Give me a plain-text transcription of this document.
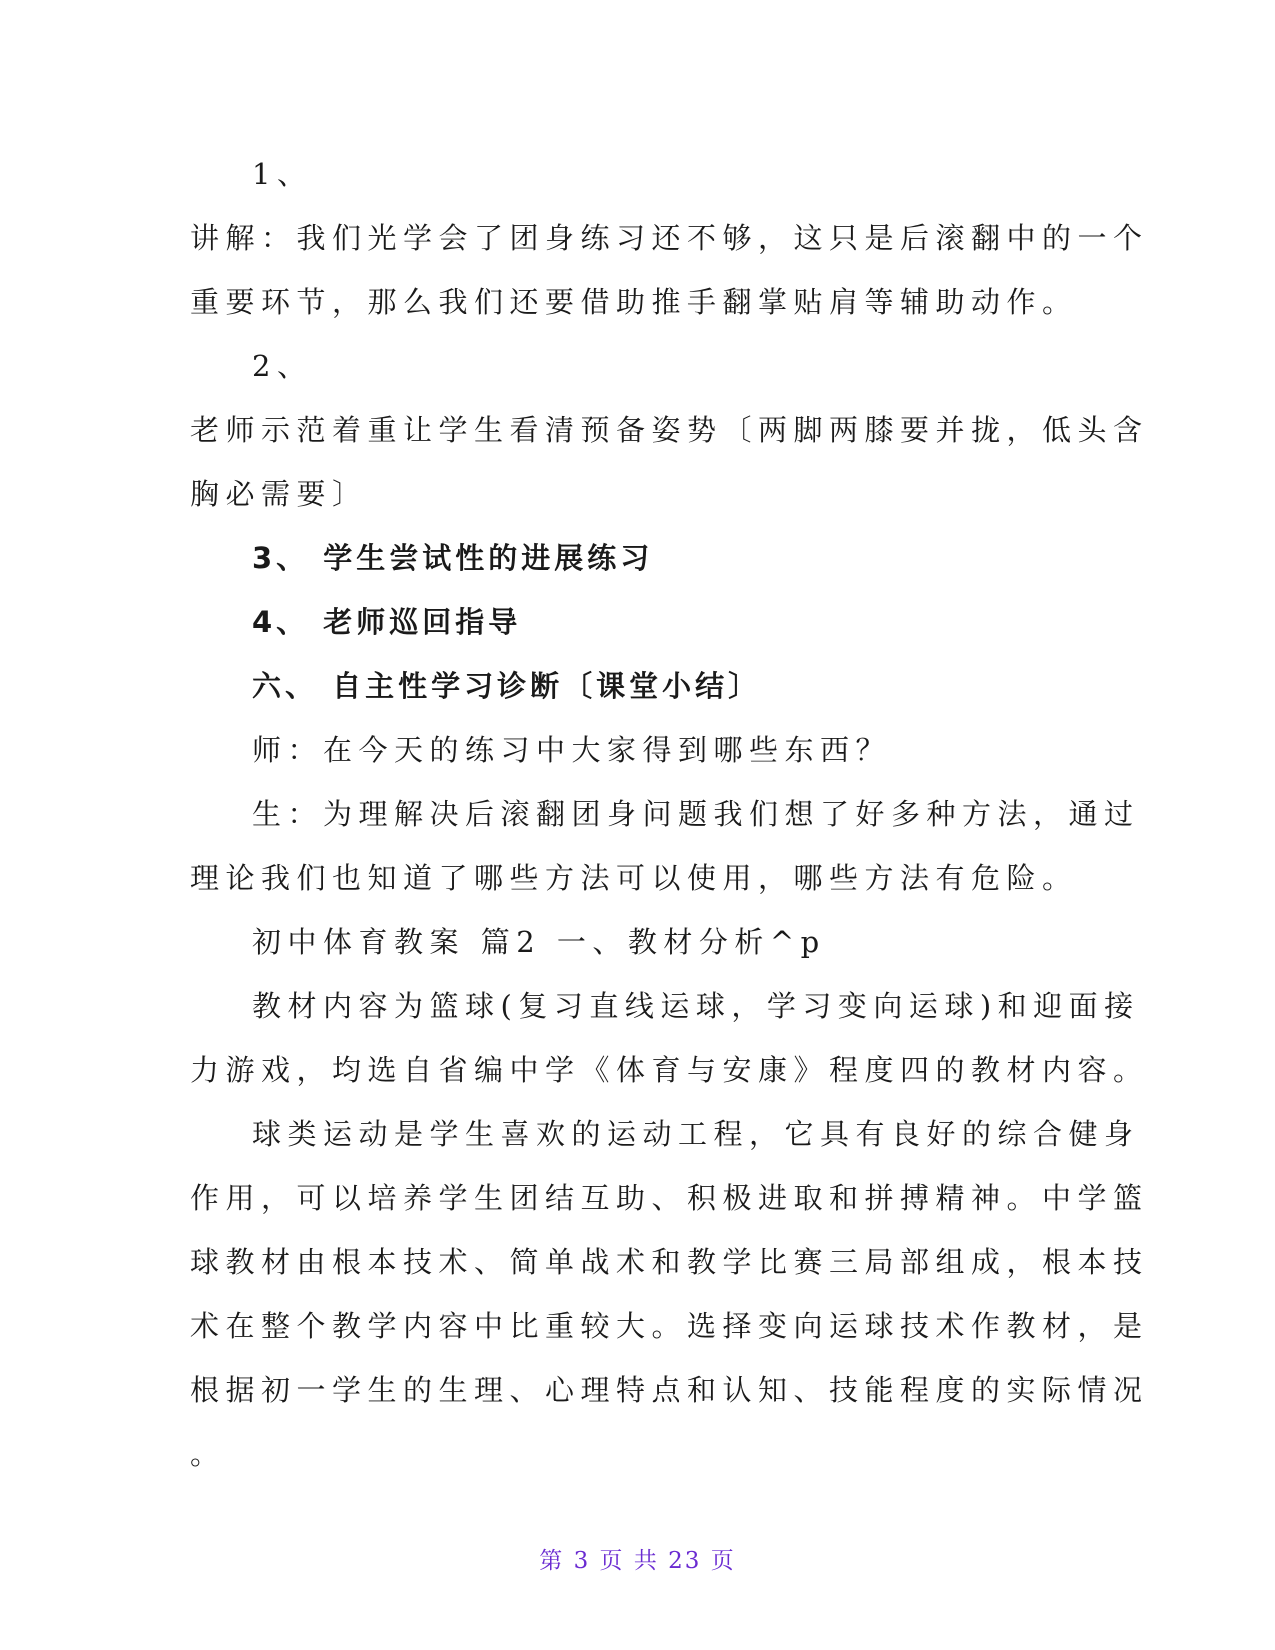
1、
讲解：我们光学会了团身练习还不够，这只是后滚翻中的一个
重要环节，那么我们还要借助推手翻掌贴肩等辅助动作。
2、
老师示范着重让学生看清预备姿势〔两脚两膝要并拢，低头含
胸必需要〕
3、 学生尝试性的进展练习
4、 老师巡回指导
六、 自主性学习诊断〔课堂小结〕
师：在今天的练习中大家得到哪些东西？
生：为理解决后滚翻团身问题我们想了好多种方法，通过
理论我们也知道了哪些方法可以使用，哪些方法有危险。
初中体育教案 篇2 一、教材分析^p
教材内容为篮球(复习直线运球，学习变向运球)和迎面接
力游戏，均选自省编中学《体育与安康》程度四的教材内容。
球类运动是学生喜欢的运动工程，它具有良好的综合健身
作用，可以培养学生团结互助、积极进取和拼搏精神。中学篮
球教材由根本技术、简单战术和教学比赛三局部组成，根本技
术在整个教学内容中比重较大。选择变向运球技术作教材，是
根据初一学生的生理、心理特点和认知、技能程度的实际情况
。
第 3 页 共 23 页
